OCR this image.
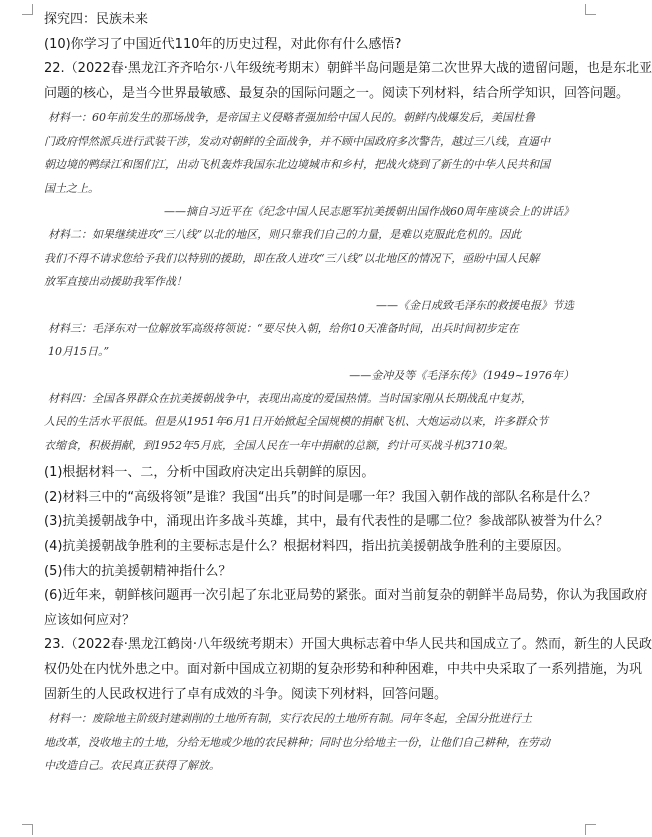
探究四：民族未来
(10)你学习了中国近代110年的历史过程，对此你有什么感悟?
22.（2022春·黑龙江齐齐哈尔·八年级统考期末）朝鲜半岛问题是第二次世界大战的遗留问题，也是东北亚
问题的核心，是当今世界最敏感、最复杂的国际问题之一。阅读下列材料，结合所学知识，回答问题。
材料一：60年前发生的那场战争，是帝国主义侵略者强加给中国人民的。朝鲜内战爆发后，美国杜鲁
门政府悍然派兵进行武装干涉，发动对朝鲜的全面战争，并不顾中国政府多次警告，越过三八线，直逼中
朝边境的鸭绿江和图们江，出动飞机轰炸我国东北边境城市和乡村，把战火烧到了新生的中华人民共和国
国土之上。
——摘自习近平在《纪念中国人民志愿军抗美援朝出国作战60周年座谈会上的讲话》
材料二：如果继续进攻“三八线”以北的地区，则只靠我们自己的力量，是难以克服此危机的。因此
我们不得不请求您给予我们以特别的援助，即在敌人进攻“三八线”以北地区的情况下，亟盼中国人民解
放军直接出动援助我军作战！
——《金日成致毛泽东的救援电报》节选
材料三：毛泽东对一位解放军高级将领说：“要尽快入朝，给你10天准备时间，出兵时间初步定在
10月15日。”
——金冲及等《毛泽东传》（1949~1976年）
材料四：全国各界群众在抗美援朝战争中，表现出高度的爱国热情。当时国家刚从长期战乱中复苏，
人民的生活水平很低。但是从1951年6月1日开始掀起全国规模的捐献飞机、大炮运动以来，许多群众节
衣缩食，积极捐献，到1952年5月底，全国人民在一年中捐献的总额，约计可买战斗机3710架。
(1)根据材料一、二，分析中国政府决定出兵朝鲜的原因。
(2)材料三中的“高级将领”是谁？我国“出兵”的时间是哪一年？我国入朝作战的部队名称是什么？
(3)抗美援朝战争中，涌现出许多战斗英雄，其中，最有代表性的是哪二位？参战部队被誉为什么？
(4)抗美援朝战争胜利的主要标志是什么？根据材料四，指出抗美援朝战争胜利的主要原因。
(5)伟大的抗美援朝精神指什么？
(6)近年来，朝鲜核问题再一次引起了东北亚局势的紧张。面对当前复杂的朝鲜半岛局势，你认为我国政府
应该如何应对？
23.（2022春·黑龙江鹤岗·八年级统考期末）开国大典标志着中华人民共和国成立了。然而，新生的人民政
权仍处在内忧外患之中。面对新中国成立初期的复杂形势和种种困难，中共中央采取了一系列措施，为巩
固新生的人民政权进行了卓有成效的斗争。阅读下列材料，回答问题。
材料一：废除地主阶级封建剥削的土地所有制，实行农民的土地所有制。同年冬起，全国分批进行土
地改革，没收地主的土地，分给无地或少地的农民耕种；同时也分给地主一份，让他们自己耕种，在劳动
中改造自己。农民真正获得了解放。
